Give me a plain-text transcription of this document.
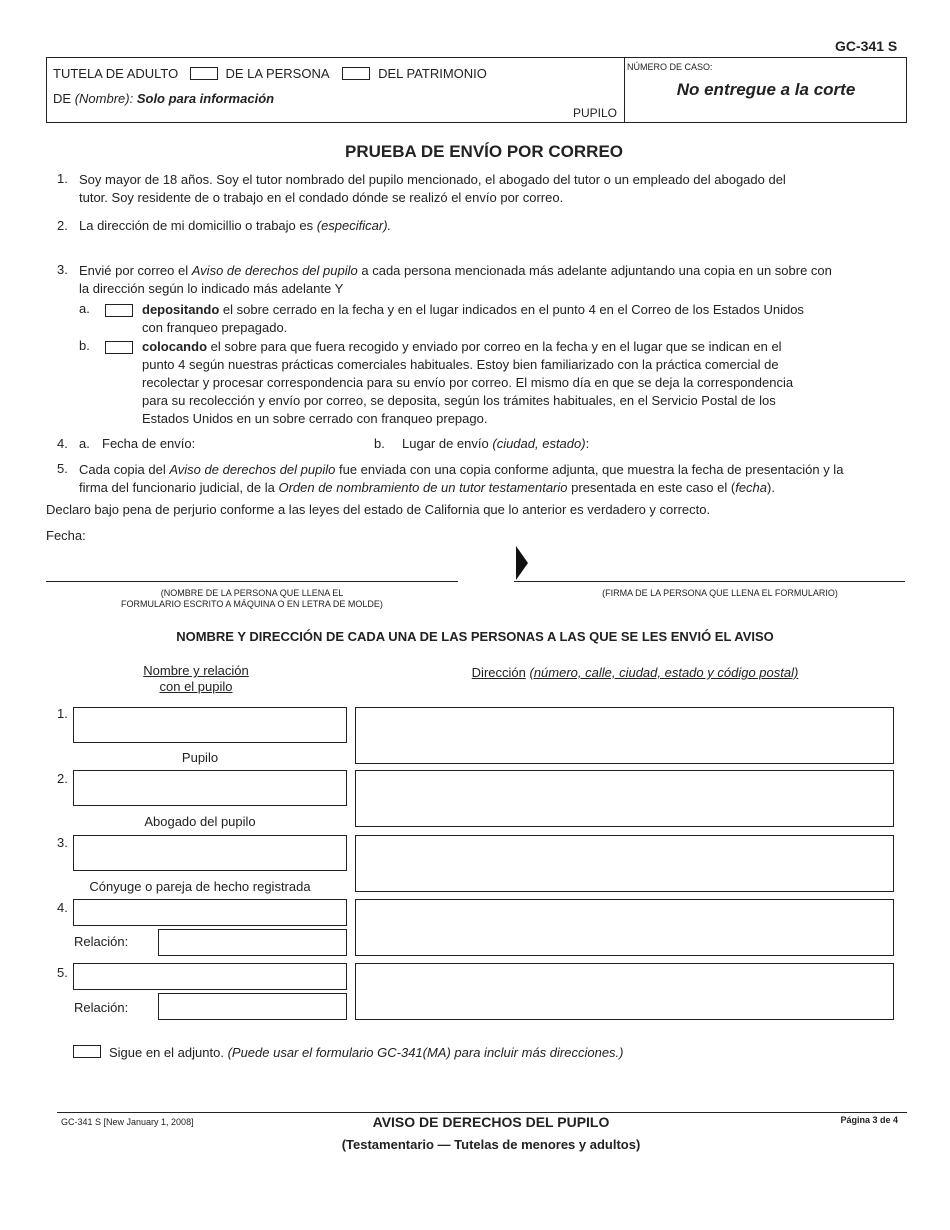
GC-341 S
TUTELA DE ADULTO	DE LA PERSONA	DEL PATRIMONIO
DE (Nombre): Solo para información
PUPILO
NÚMERO DE CASO:
No entregue a la corte
PRUEBA DE ENVÍO POR CORREO
1. Soy mayor de 18 años. Soy el tutor nombrado del pupilo mencionado, el abogado del tutor o un empleado del abogado del

tutor. Soy residente de o trabajo en el condado dónde se realizó el envío por correo.

2. La dirección de mi domicillio o trabajo es (especificar).
3. Envié por correo el Aviso de derechos del pupilo a cada persona mencionada más adelante adjuntando una copia en un sobre con

la dirección según lo indicado más adelante Y

a.	depositando el sobre cerrado en la fecha y en el lugar indicados en el punto 4 en el Correo de los Estados Unidos

con franqueo prepagado.

b.	colocando el sobre para que fuera recogido y enviado por correo en la fecha y en el lugar que se indican en el

punto 4 según nuestras prácticas comerciales habituales. Estoy bien familiarizado con la práctica comercial de

recolectar y procesar correspondencia para su envío por correo. El mismo día en que se deja la correspondencia

para su recolección y envío por correo, se deposita, según los trámites habituales, en el Servicio Postal de los

Estados Unidos en un sobre cerrado con franqueo prepago.

4. a. Fecha de envío:	b. Lugar de envío (ciudad, estado):
5. Cada copia del Aviso de derechos del pupilo fue enviada con una copia conforme adjunta, que muestra la fecha de presentación y la

firma del funcionario judicial, de la Orden de nombramiento de un tutor testamentario presentada en este caso el (fecha).

Declaro bajo pena de perjurio conforme a las leyes del estado de California que lo anterior es verdadero y correcto.
Fecha:
(NOMBRE DE LA PERSONA QUE LLENA EL
FORMULARIO ESCRITO A MÁQUINA O EN LETRA DE MOLDE)
(FIRMA DE LA PERSONA QUE LLENA EL FORMULARIO)
NOMBRE Y DIRECCIÓN DE CADA UNA DE LAS PERSONAS A LAS QUE SE LES ENVIÓ EL AVISO
Nombre y relación
con el pupilo
Dirección (número, calle, ciudad, estado y código postal)
1.
Pupilo
2.
Abogado del pupilo
3.
Cónyuge o pareja de hecho registrada
4.
Relación:
5.
Relación:
Sigue en el adjunto. (Puede usar el formulario GC-341(MA) para incluir más direcciones.)
GC-341 S [New January 1, 2008]	AVISO DE DERECHOS DEL PUPILO
(Testamentario — Tutelas de menores y adultos)
Página 3 de 4
